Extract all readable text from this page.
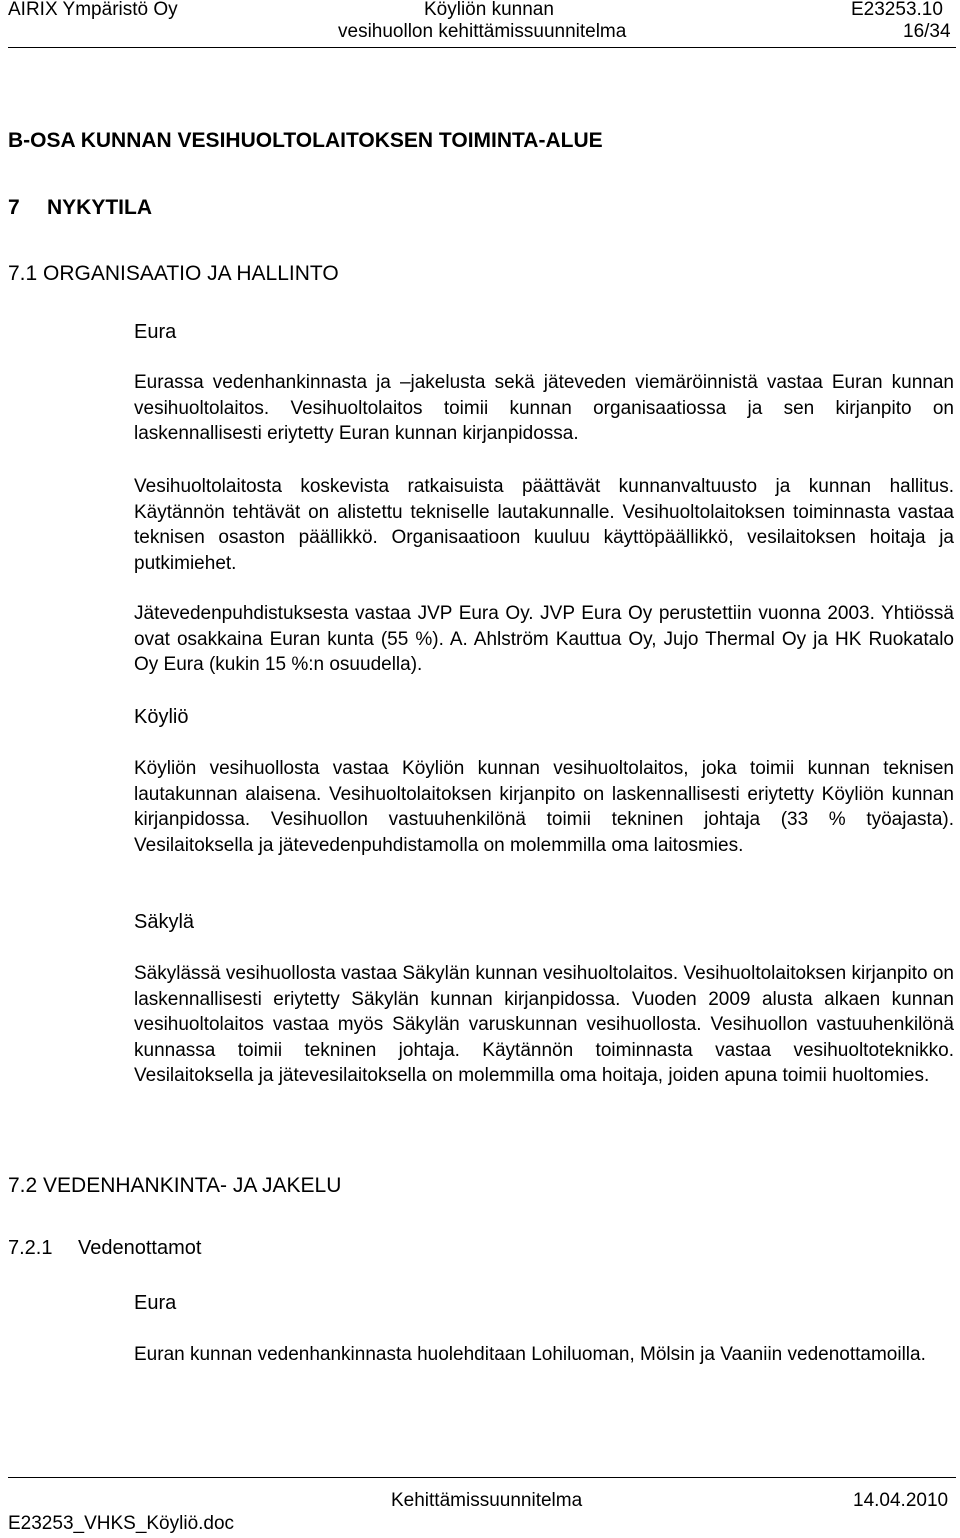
AIRIX Ympäristö Oy	Köyliön kunnan	E23253.10
vesihuollon kehittämissuunnitelma	16/34
B-OSA KUNNAN VESIHUOLTOLAITOKSEN TOIMINTA-ALUE
7 NYKYTILA
7.1 ORGANISAATIO JA HALLINTO
Eura

Eurassa vedenhankinnasta ja –jakelusta sekä jäteveden viemäröinnistä vastaa Euran kunnan vesihuoltolaitos. Vesihuoltolaitos toimii kunnan organisaatiossa ja sen kirjanpito on laskennallisesti eriytetty Euran kunnan kirjanpidossa.

Vesihuoltolaitosta koskevista ratkaisuista päättävät kunnanvaltuusto ja kunnan hallitus. Käytännön tehtävät on alistettu tekniselle lautakunnalle. Vesihuoltolaitoksen toiminnasta vastaa teknisen osaston päällikkö. Organisaatioon kuuluu käyttöpäällikkö, vesilaitoksen hoitaja ja putkimiehet.

Jätevedenpuhdistuksesta vastaa JVP Eura Oy. JVP Eura Oy perustettiin vuonna 2003. Yhtiössä ovat osakkaina Euran kunta (55 %). A. Ahlström Kauttua Oy, Jujo Thermal Oy ja HK Ruokatalo Oy Eura (kukin 15 %:n osuudella).

Köyliö

Köyliön vesihuollosta vastaa Köyliön kunnan vesihuoltolaitos, joka toimii kunnan teknisen lautakunnan alaisena. Vesihuoltolaitoksen kirjanpito on laskennallisesti eriytetty Köyliön kunnan kirjanpidossa. Vesihuollon vastuuhenkilönä toimii tekninen johtaja (33 % työajasta). Vesilaitoksella ja jätevedenpuhdistamolla on molemmilla oma laitosmies.

Säkylä

Säkylässä vesihuollosta vastaa Säkylän kunnan vesihuoltolaitos. Vesihuoltolaitoksen kirjanpito on laskennallisesti eriytetty Säkylän kunnan kirjanpidossa. Vuoden 2009 alusta alkaen kunnan vesihuoltolaitos vastaa myös Säkylän varuskunnan vesihuollosta. Vesihuollon vastuuhenkilönä kunnassa toimii tekninen johtaja. Käytännön toiminnasta vastaa vesihuoltoteknikko. Vesilaitoksella ja jätevesilaitoksella on molemmilla oma hoitaja, joiden apuna toimii huoltomies.

7.2 VEDENHANKINTA- JA JAKELU
7.2.1 Vedenottamot
Eura

Euran kunnan vedenhankinnasta huolehditaan Lohiluoman, Mölsin ja Vaaniin vedenottamoilla.

Kehittämissuunnitelma	14.04.2010
E23253_VHKS_Köyliö.doc
